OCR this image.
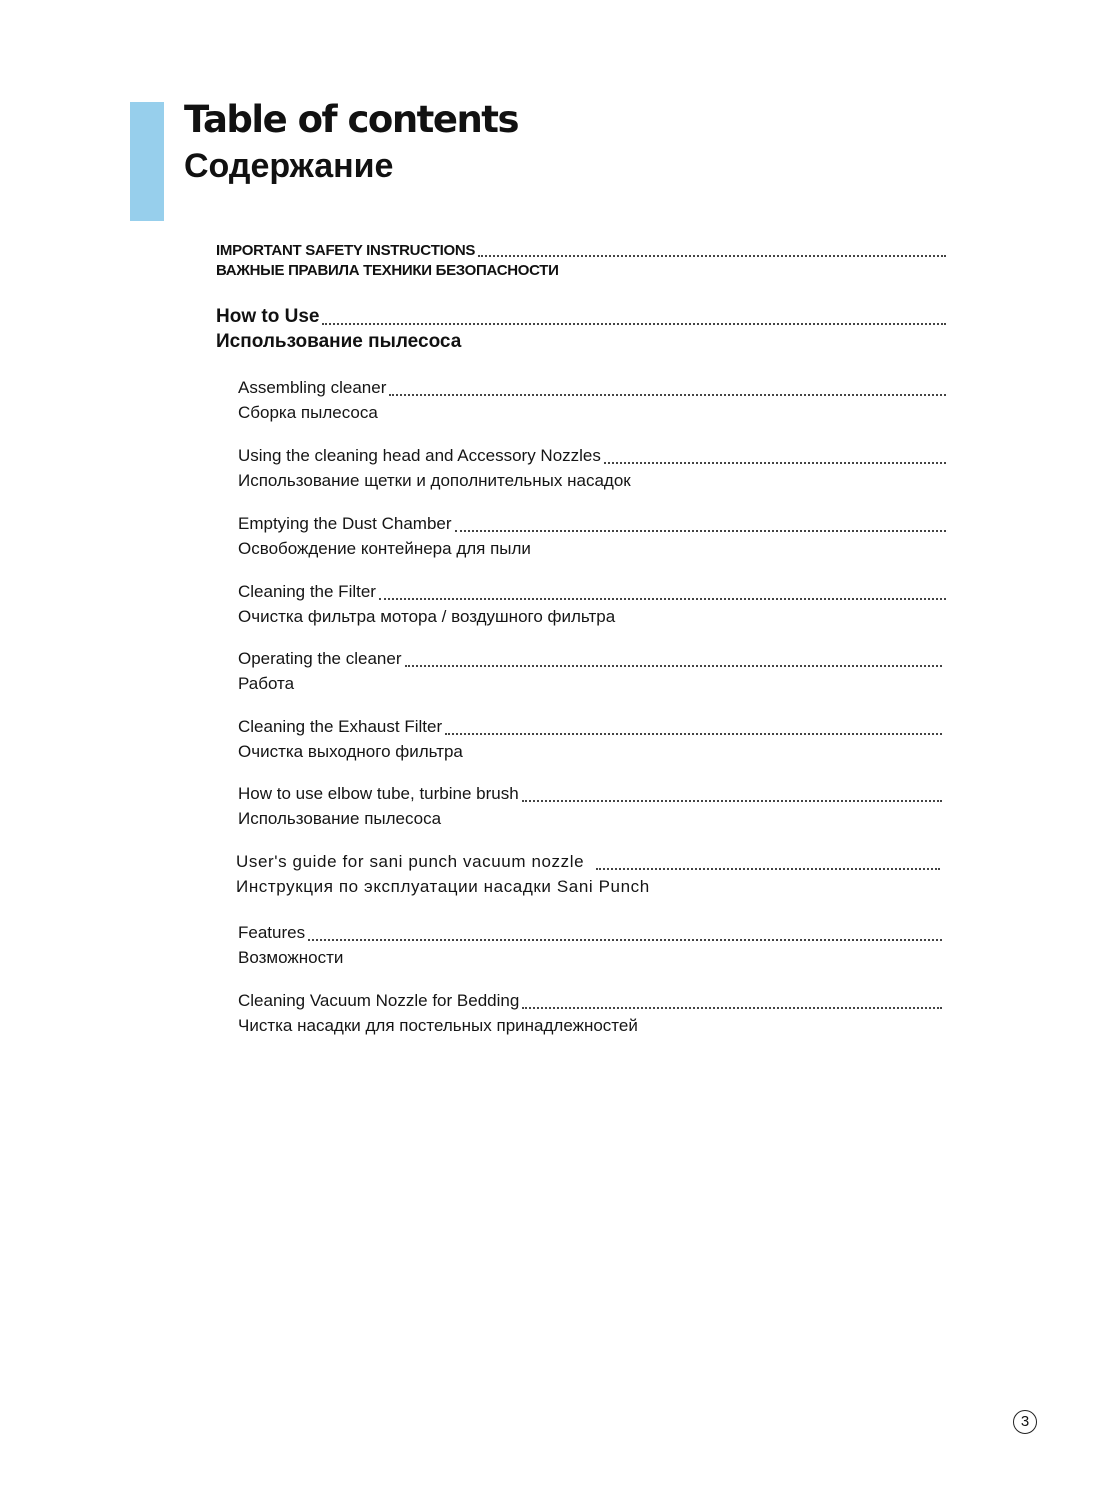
Table of contents
Содержание
IMPORTANT SAFETY INSTRUCTIONS
ВАЖНЫЕ ПРАВИЛА ТЕХНИКИ БЕЗОПАСНОСТИ
How to Use
Использование пылесоса
Assembling cleaner
Сборка пылесоса
Using the cleaning head and Accessory Nozzles
Использование щетки и дополнительных насадок
Emptying the Dust Chamber
Освобождение контейнера для пыли
Cleaning the Filter
Очистка фильтра мотора / воздушного фильтра
Operating the cleaner
Работа
Cleaning the Exhaust Filter
Очистка выходного фильтра
How to use elbow tube, turbine brush
Использование пылесоса
User's guide for sani punch vacuum nozzle
Инструкция по эксплуатации насадки Sani Punch
Features
Возможности
Cleaning Vacuum Nozzle for Bedding
Чистка насадки для постельных принадлежностей
3
